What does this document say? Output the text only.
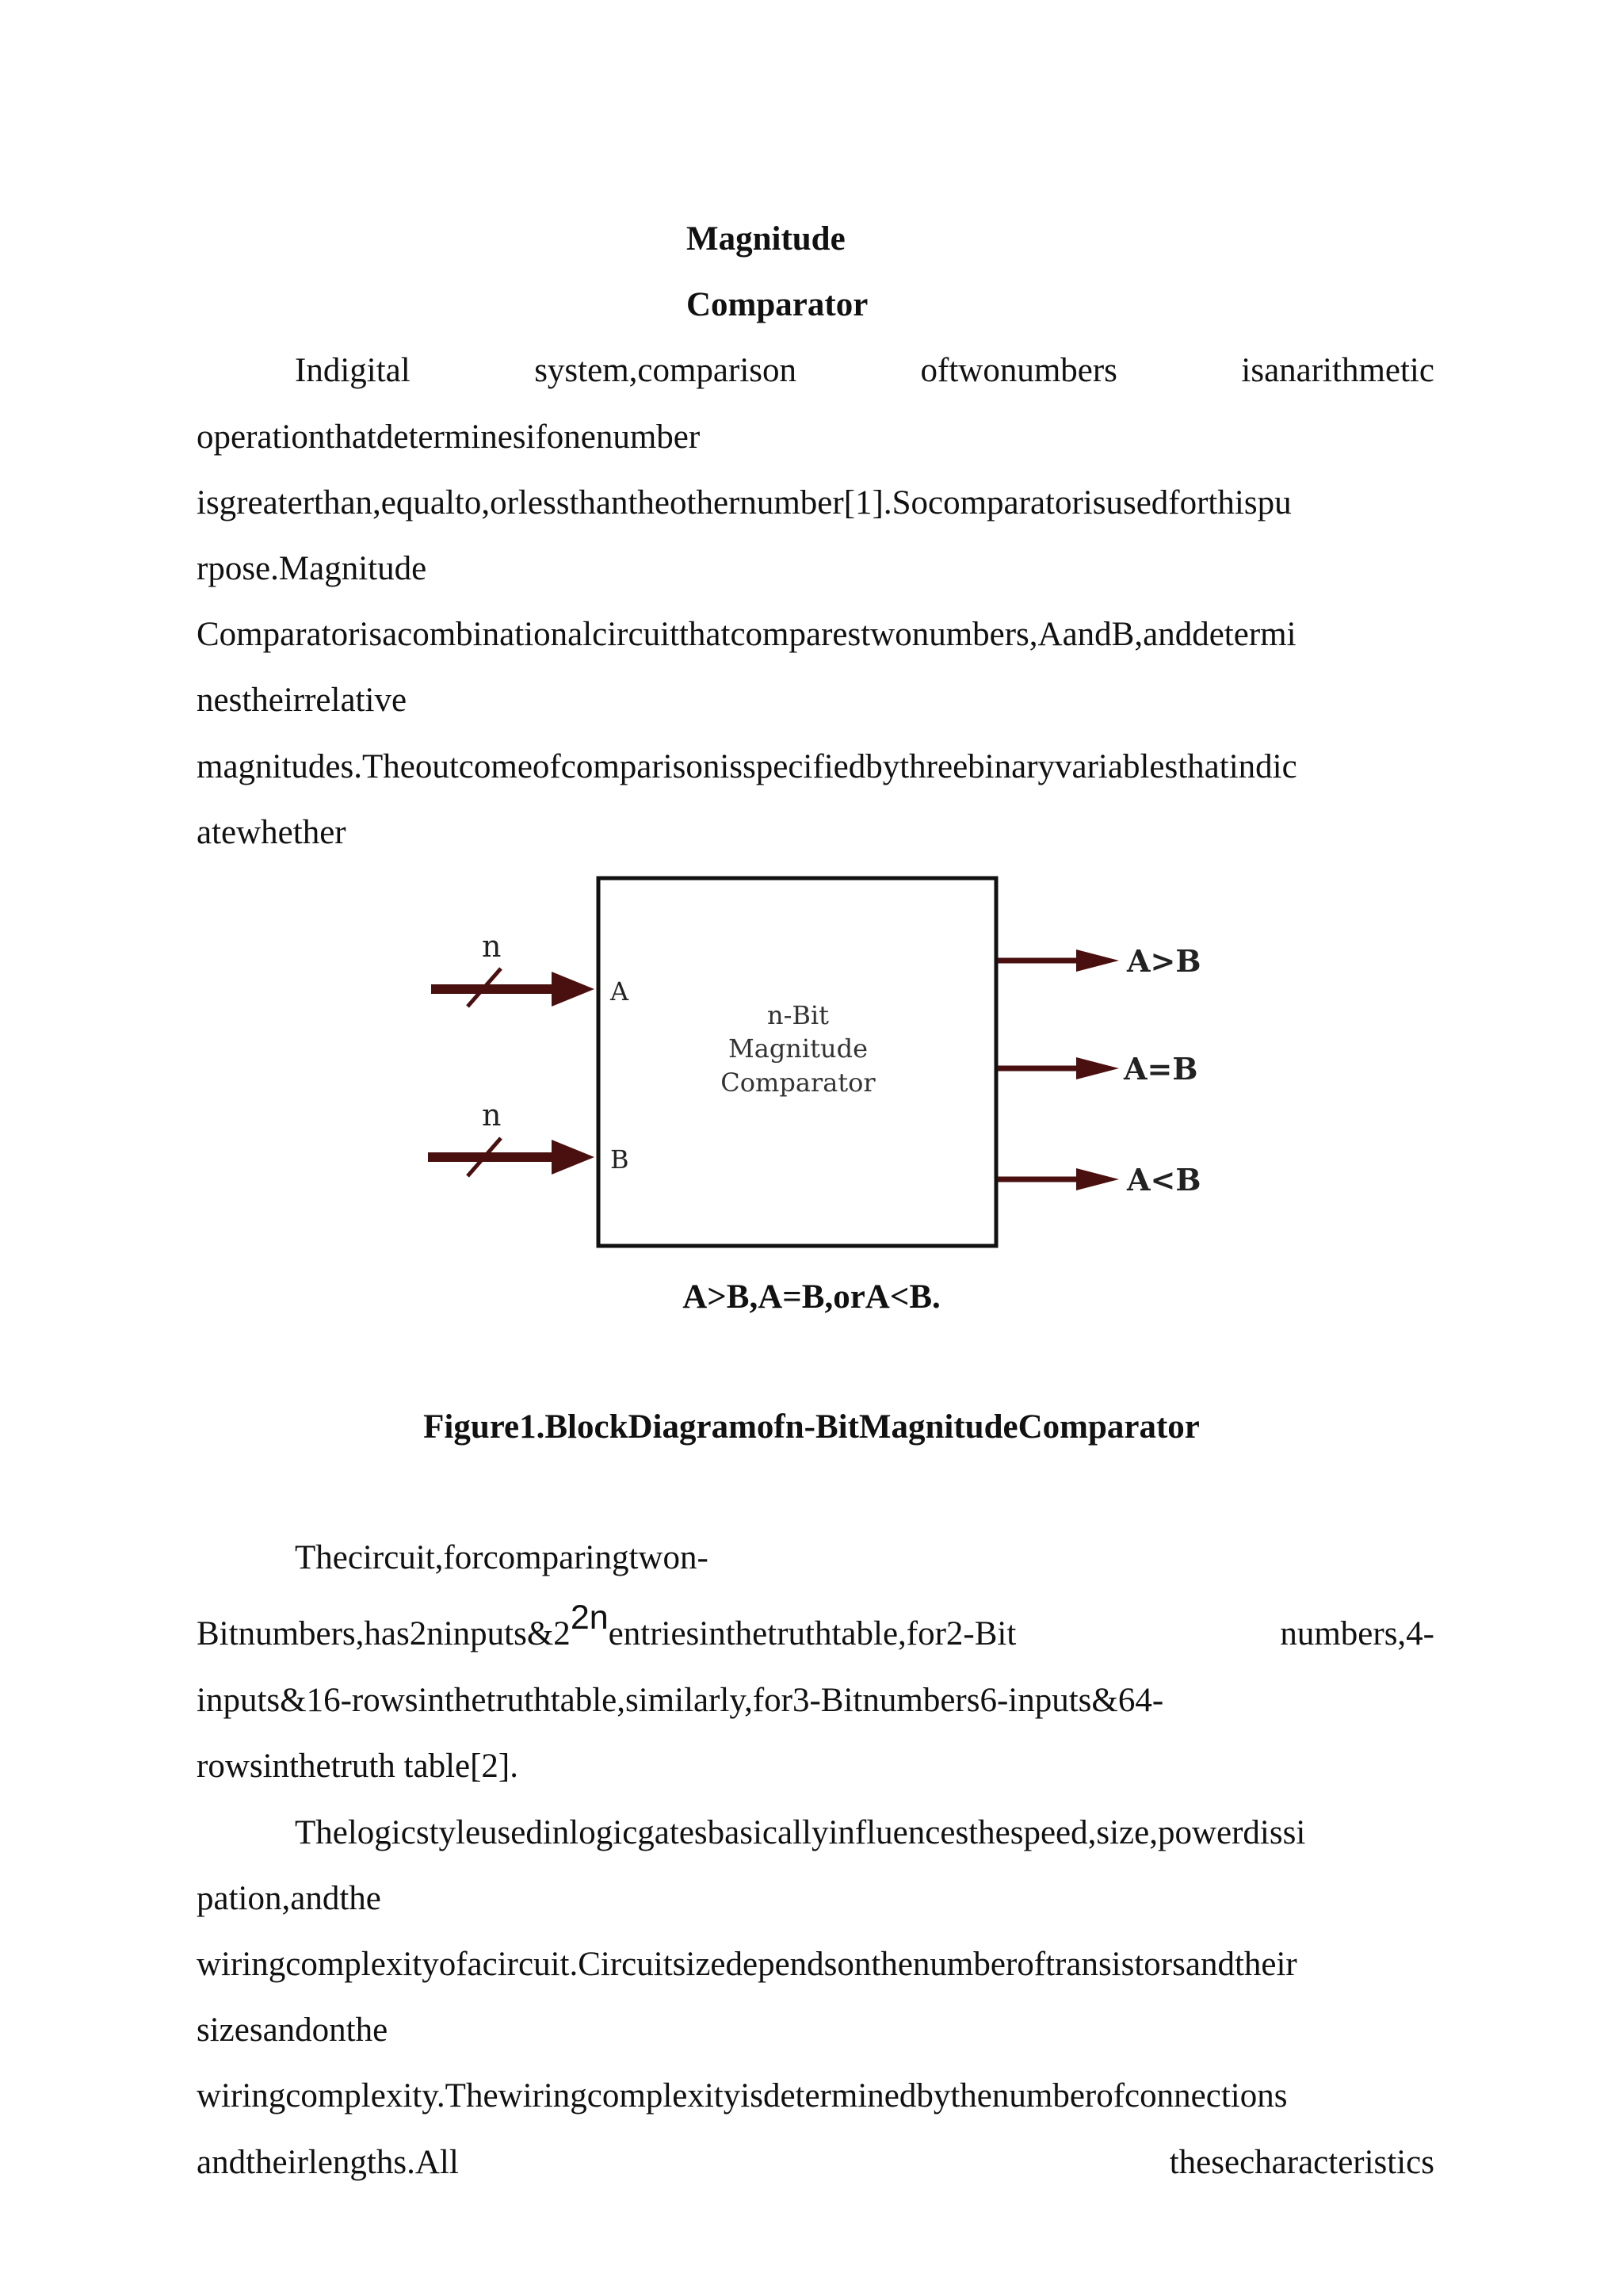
Magnitude
Comparator
Indigital	system,comparison	oftwonumbers	isanarithmetic
operationthatdeterminesifonenumber
isgreaterthan,equalto,orlessthantheothernumber[1].Socomparatorisusedforthispu
rpose.Magnitude
Comparatorisacombinationalcircuitthatcomparestwonumbers,AandB,anddetermi
nestheirrelative
magnitudes.Theoutcomeofcomparisonisspecifiedbythreebinaryvariablesthatindic
atewhether
n
A
n
B
n-Bit
Magnitude
Comparator
A>B
A=B
A<B
A>B,A=B,orA<B.
Figure1.BlockDiagramofn-BitMagnitudeComparator
Thecircuit,forcomparingtwon-
$Bitnumbers,has2ninputs\&2^{2n}entriesinthetruthtable,for2$-Bit	numbers,4-
inputs&16-rowsinthetruthtable,similarly,for3-Bitnumbers6-inputs&64-
rowsinthetruth table[2].
Thelogicstyleusedinlogicgatesbasicallyinfluencesthespeed,size,powerdissi
pation,andthe
wiringcomplexityofacircuit.Circuitsizedependsonthenumberoftransistorsandtheir
sizesandonthe
wiringcomplexity.Thewiringcomplexityisdeterminedbythenumberofconnections
andtheirlengths.All	thesecharacteristics
